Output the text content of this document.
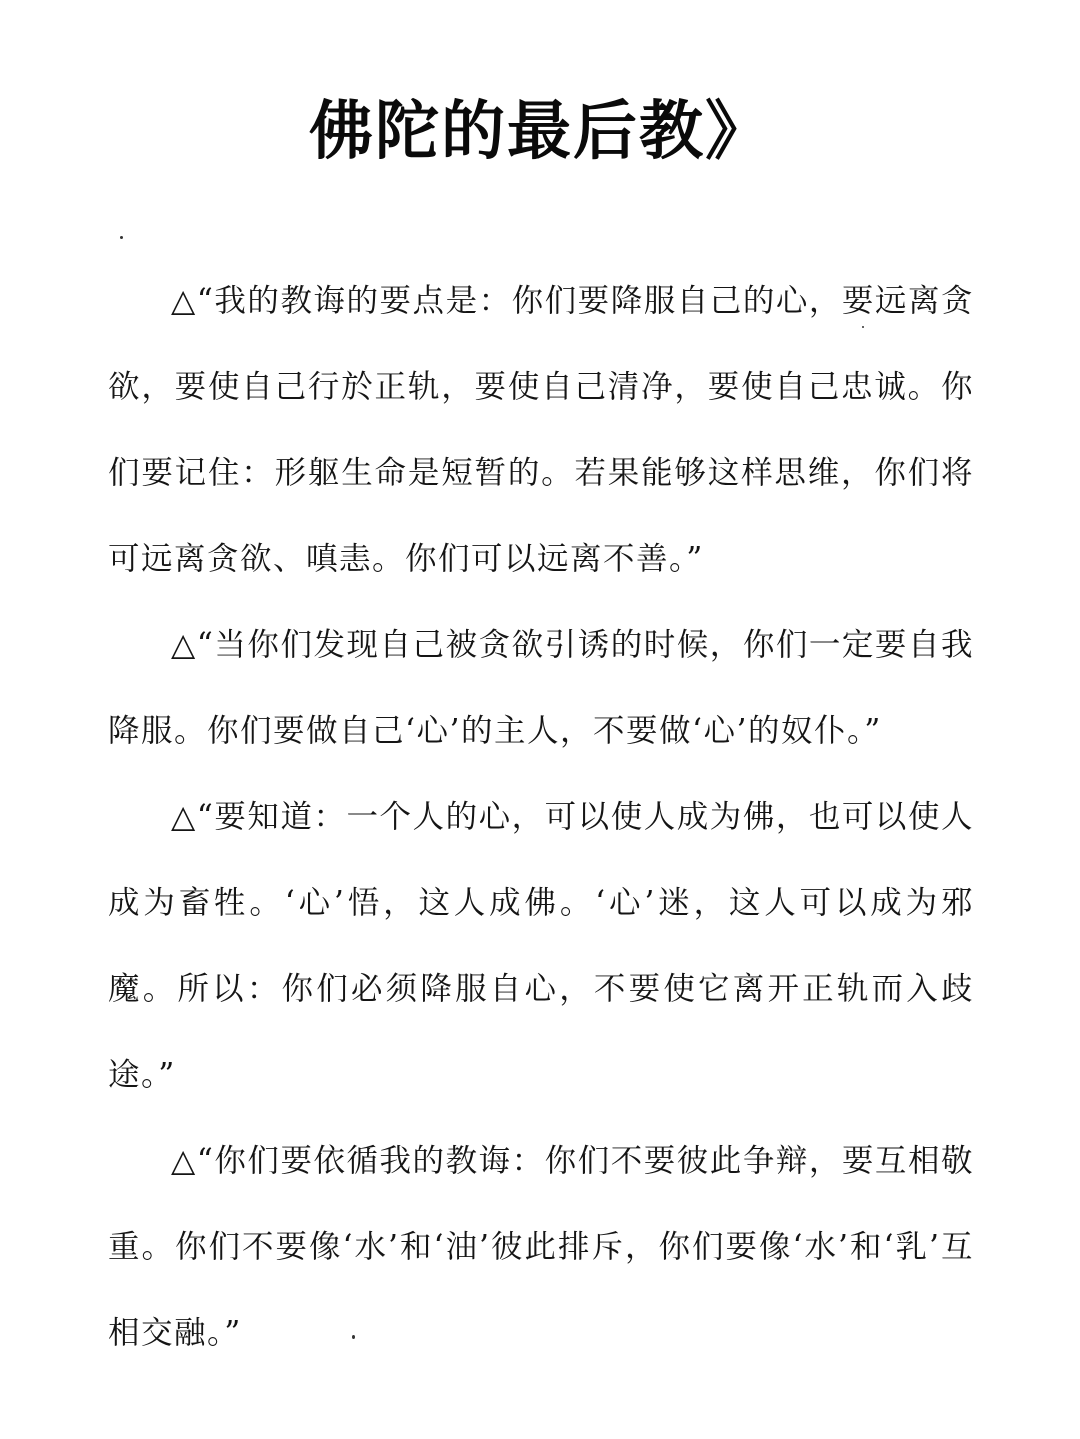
佛陀的最后教》

△“我的教诲的要点是：你们要降服自己的心，要远离贪欲，要使自己行於正轨，要使自己清净，要使自己忠诚。你们要记住：形躯生命是短暂的。若果能够这样思维，你们将可远离贪欲、嗔恚。你们可以远离不善。”

△“当你们发现自己被贪欲引诱的时候，你们一定要自我降服。你们要做自己‘心’的主人，不要做‘心’的奴仆。”

△“要知道：一个人的心，可以使人成为佛，也可以使人成为畜牲。‘心’悟，这人成佛。‘心’迷，这人可以成为邪魔。所以：你们必须降服自心，不要使它离开正轨而入歧途。”

△“你们要依循我的教诲：你们不要彼此争辩，要互相敬重。你们不要像‘水’和‘油’彼此排斥，你们要像‘水’和‘乳’互相交融。”
